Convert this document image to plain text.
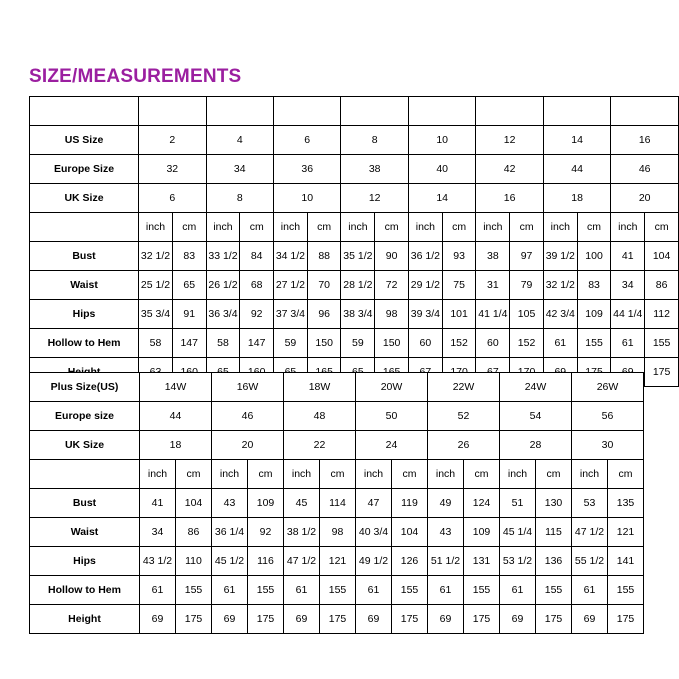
SIZE/MEASUREMENTS

US Size	2		4		6		8		10		12		14		16	
Europe Size	32		34		36		38		40		42		44		46	
UK Size	6		8		10		12		14		16		18		20	
	inch	cm	inch	cm	inch	cm	inch	cm	inch	cm	inch	cm	inch	cm	inch	cm
Bust	32 1/2	83	33 1/2	84	34 1/2	88	35 1/2	90	36 1/2	93	38	97	39 1/2	100	41	104
Waist	25 1/2	65	26 1/2	68	27 1/2	70	28 1/2	72	29 1/2	75	31	79	32 1/2	83	34	86
Hips	35 3/4	91	36 3/4	92	37 3/4	96	38 3/4	98	39 3/4	101	41 1/4	105	42 3/4	109	44 1/4	112
Hollow to Hem	58	147	58	147	59	150	59	150	60	152	60	152	61	155	61	155
																175
Plus Size(US)	14W		16W		18W		20W		22W		24W		26W	
Europe size	44		46		48		50		52		54		56	
UK Size	18		20		22		24		26		28		30	
	inch	cm	inch	cm	inch	cm	inch	cm	inch	cm	inch	cm	inch	cm
Bust	41	104	43	109	45	114	47	119	49	124	51	130	53	135
Waist	34	86	36 1/4	92	38 1/2	98	40 3/4	104	43	109	45 1/4	115	47 1/2	121
Hips	43 1/2	110	45 1/2	116	47 1/2	121	49 1/2	126	51 1/2	131	53 1/2	136	55 1/2	141
Hollow to Hem	61	155	61	155	61	155	61	155	61	155	61	155	61	155
Height	69	175	69	175	69	175	69	175	69	175	69	175	69	175
